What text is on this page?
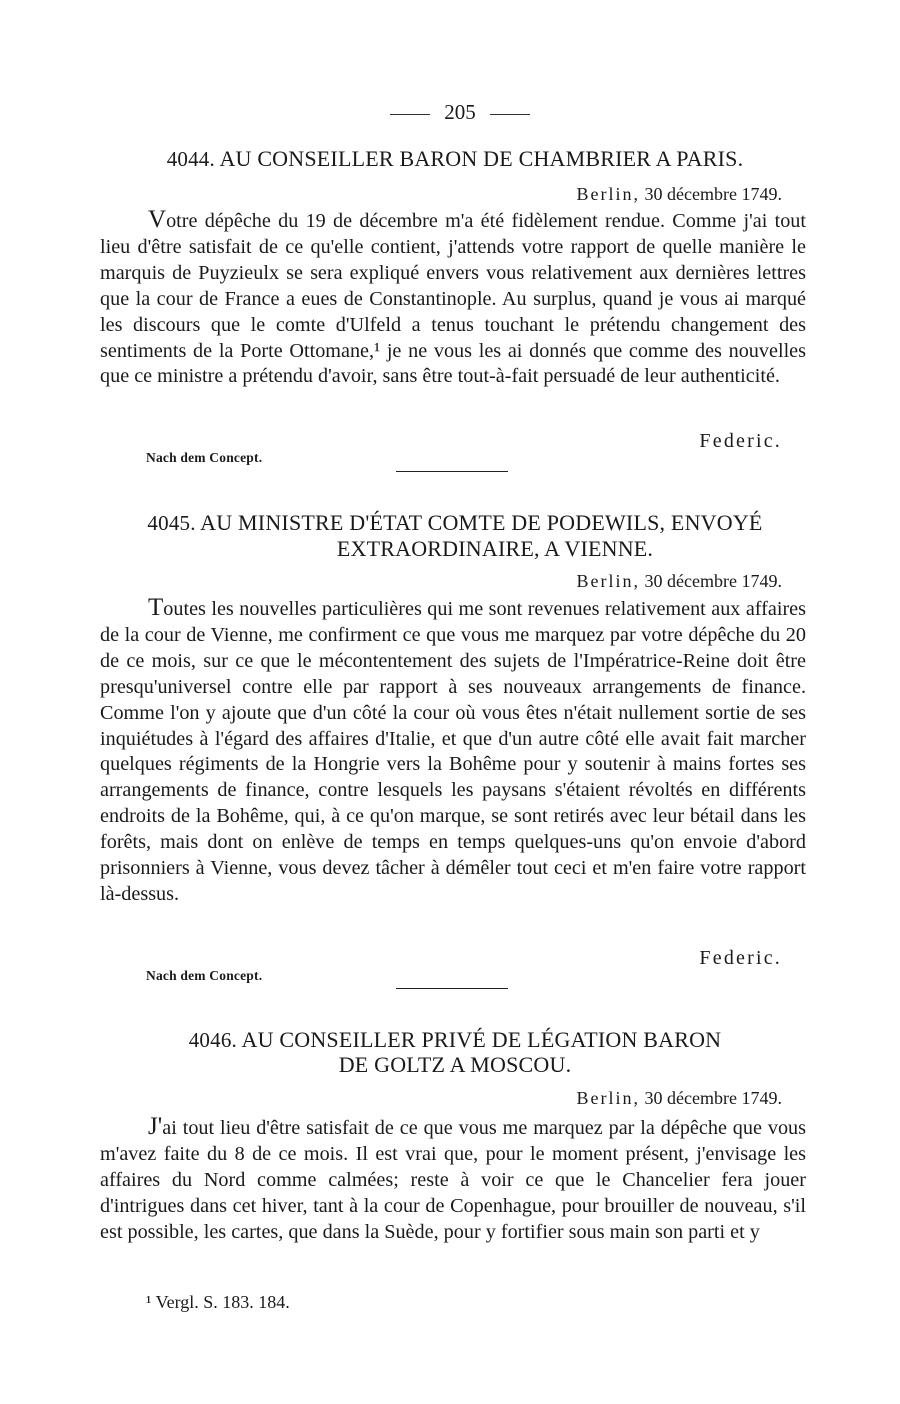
205
4044. AU CONSEILLER BARON DE CHAMBRIER A PARIS.
Berlin, 30 décembre 1749.

Votre dépêche du 19 de décembre m'a été fidèlement rendue. Comme j'ai tout lieu d'être satisfait de ce qu'elle contient, j'attends votre rapport de quelle manière le marquis de Puyzieulx se sera expliqué envers vous relativement aux dernières lettres que la cour de France a eues de Constantinople. Au surplus, quand je vous ai marqué les discours que le comte d'Ulfeld a tenus touchant le prétendu changement des sentiments de la Porte Ottomane,¹ je ne vous les ai donnés que comme des nouvelles que ce ministre a prétendu d'avoir, sans être tout-à-fait persuadé de leur authenticité.

Federic.
Nach dem Concept.
4045. AU MINISTRE D'ÉTAT COMTE DE PODEWILS, ENVOYÉ
EXTRAORDINAIRE, A VIENNE.
Berlin, 30 décembre 1749.

Toutes les nouvelles particulières qui me sont revenues relativement aux affaires de la cour de Vienne, me confirment ce que vous me marquez par votre dépêche du 20 de ce mois, sur ce que le mécontentement des sujets de l'Impératrice-Reine doit être presqu'universel contre elle par rapport à ses nouveaux arrangements de finance. Comme l'on y ajoute que d'un côté la cour où vous êtes n'était nullement sortie de ses inquiétudes à l'égard des affaires d'Italie, et que d'un autre côté elle avait fait marcher quelques régiments de la Hongrie vers la Bohême pour y soutenir à mains fortes ses arrangements de finance, contre lesquels les paysans s'étaient révoltés en différents endroits de la Bohême, qui, à ce qu'on marque, se sont retirés avec leur bétail dans les forêts, mais dont on enlève de temps en temps quelques-uns qu'on envoie d'abord prisonniers à Vienne, vous devez tâcher à démêler tout ceci et m'en faire votre rapport là-dessus.

Federic.
Nach dem Concept.
4046. AU CONSEILLER PRIVÉ DE LÉGATION BARON
DE GOLTZ A MOSCOU.
Berlin, 30 décembre 1749.

J'ai tout lieu d'être satisfait de ce que vous me marquez par la dépêche que vous m'avez faite du 8 de ce mois. Il est vrai que, pour le moment présent, j'envisage les affaires du Nord comme calmées; reste à voir ce que le Chancelier fera jouer d'intrigues dans cet hiver, tant à la cour de Copenhague, pour brouiller de nouveau, s'il est possible, les cartes, que dans la Suède, pour y fortifier sous main son parti et y

¹ Vergl. S. 183. 184.
